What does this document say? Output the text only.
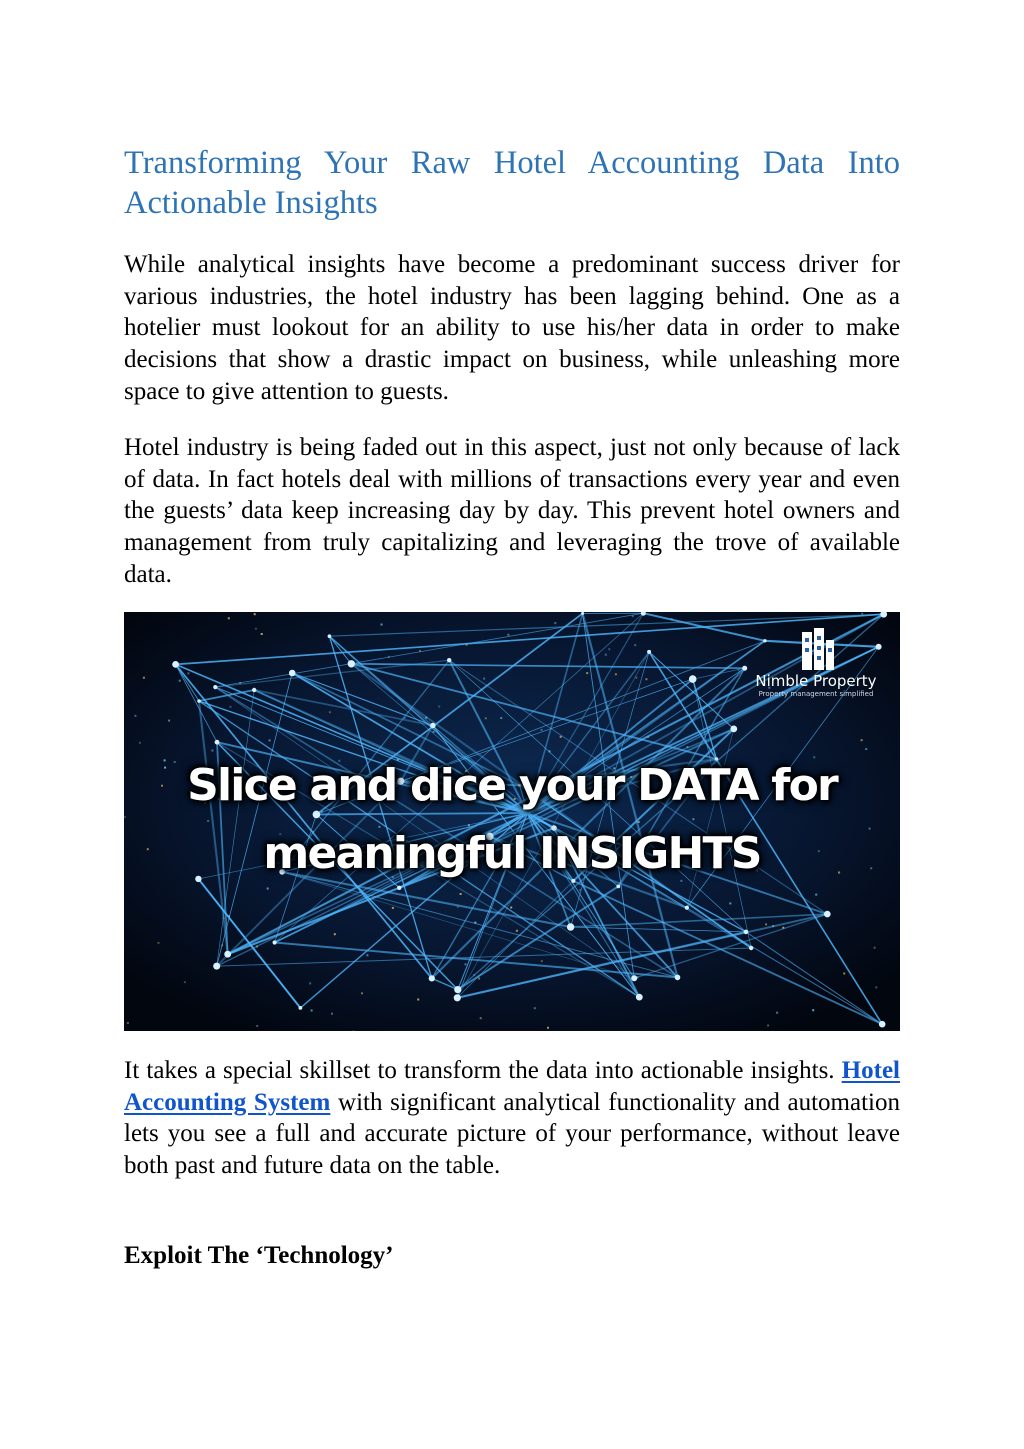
Transforming Your Raw Hotel Accounting Data Into Actionable Insights

While analytical insights have become a predominant success driver for various industries, the hotel industry has been lagging behind. One as a hotelier must lookout for an ability to use his/her data in order to make decisions that show a drastic impact on business, while unleashing more space to give attention to guests.

Hotel industry is being faded out in this aspect, just not only because of lack of data. In fact hotels deal with millions of transactions every year and even the guests’ data keep increasing day by day. This prevent hotel owners and management from truly capitalizing and leveraging the trove of available data.

Nimble Property
Property management simplified
Slice and dice your DATA for
meaningful INSIGHTS

It takes a special skillset to transform the data into actionable insights. Hotel Accounting System with significant analytical functionality and automation lets you see a full and accurate picture of your performance, without leave both past and future data on the table.

Exploit The ‘Technology’
